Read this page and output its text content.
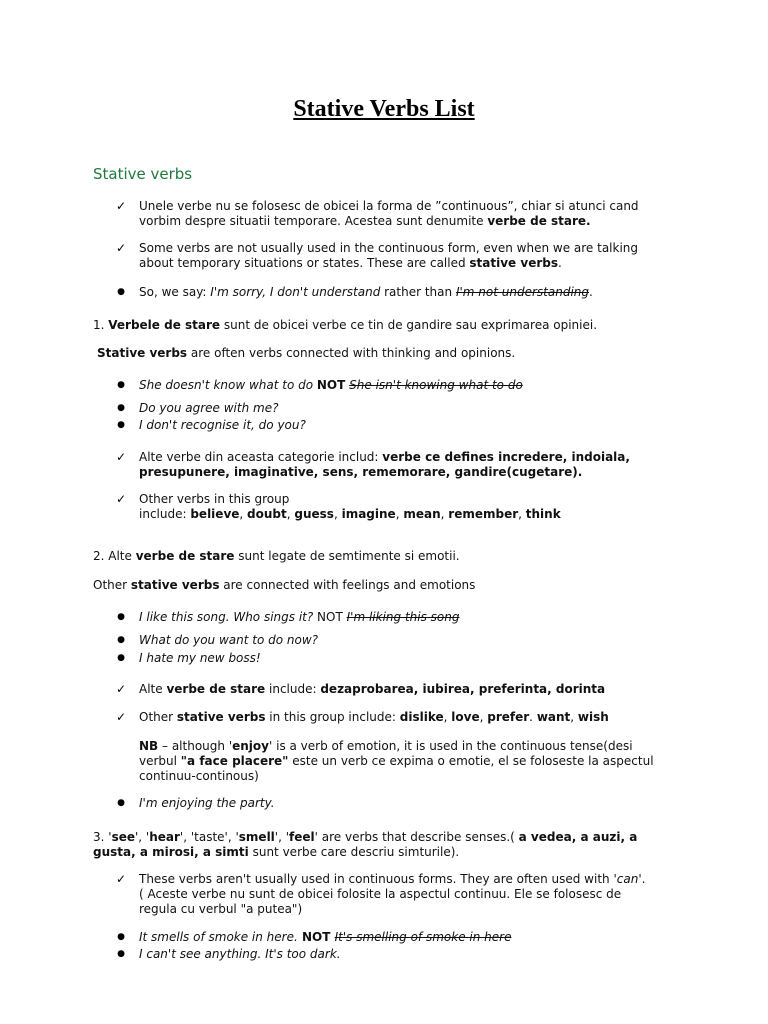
Stative Verbs List
Stative verbs
✓ Unele verbe nu se folosesc de obicei la forma de ”continuous”, chiar si atunci cand
vorbim despre situatii temporare. Acestea sunt denumite verbe de stare.
✓ Some verbs are not usually used in the continuous form, even when we are talking
about temporary situations or states. These are called stative verbs.
● So, we say: I'm sorry, I don't understand rather than I'm not understanding.
1. Verbele de stare sunt de obicei verbe ce tin de gandire sau exprimarea opiniei.
Stative verbs are often verbs connected with thinking and opinions.
● She doesn't know what to do NOT She isn't knowing what to do
● Do you agree with me?
● I don't recognise it, do you?
✓ Alte verbe din aceasta categorie includ: verbe ce defines incredere, indoiala,
presupunere, imaginative, sens, rememorare, gandire(cugetare).
✓ Other verbs in this group
include: believe, doubt, guess, imagine, mean, remember, think
2. Alte verbe de stare sunt legate de semtimente si emotii.
Other stative verbs are connected with feelings and emotions
● I like this song. Who sings it? NOT I'm liking this song
● What do you want to do now?
● I hate my new boss!
✓ Alte verbe de stare include: dezaprobarea, iubirea, preferinta, dorinta
✓ Other stative verbs in this group include: dislike, love, prefer. want, wish
NB – although 'enjoy' is a verb of emotion, it is used in the continuous tense(desi
verbul "a face placere" este un verb ce expima o emotie, el se foloseste la aspectul
continuu-continous)
● I'm enjoying the party.
3. 'see', 'hear', 'taste', 'smell', 'feel' are verbs that describe senses.( a vedea, a auzi, a
gusta, a mirosi, a simti sunt verbe care descriu simturile).
✓ These verbs aren't usually used in continuous forms. They are often used with 'can'.
( Aceste verbe nu sunt de obicei folosite la aspectul continuu. Ele se folosesc de
regula cu verbul "a putea")
● It smells of smoke in here. NOT It's smelling of smoke in here
● I can't see anything. It's too dark.
